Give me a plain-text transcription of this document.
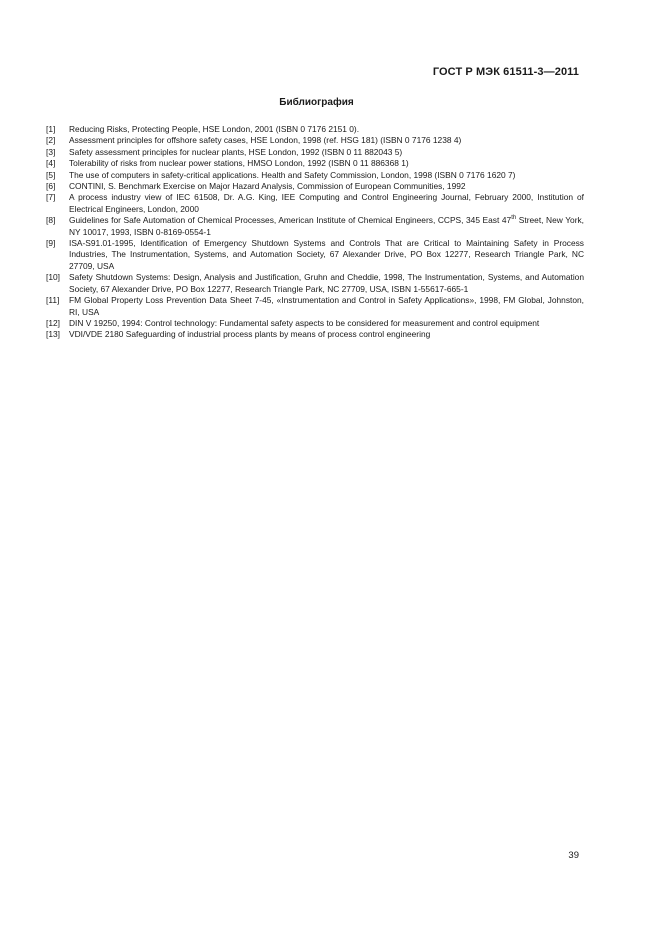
ГОСТ Р МЭК 61511-3—2011
Библиография
[1]	Reducing Risks, Protecting People, HSE London, 2001 (ISBN 0 7176 2151 0).
[2]	Assessment principles for offshore safety cases, HSE London, 1998 (ref. HSG 181) (ISBN 0 7176 1238 4)
[3]	Safety assessment principles for nuclear plants, HSE London, 1992 (ISBN 0 11 882043 5)
[4]	Tolerability of risks from nuclear power stations, HMSO London, 1992 (ISBN 0 11 886368 1)
[5]	The use of computers in safety-critical applications. Health and Safety Commission, London, 1998 (ISBN 0 7176 1620 7)
[6]	CONTINI, S. Benchmark Exercise on Major Hazard Analysis, Commission of European Communities, 1992
[7]	A process industry view of IEC 61508, Dr. A.G. King, IEE Computing and Control Engineering Journal, February 2000, Institution of Electrical Engineers, London, 2000
[8]	Guidelines for Safe Automation of Chemical Processes, American Institute of Chemical Engineers, CCPS, 345 East 47th Street, New York, NY 10017, 1993, ISBN 0-8169-0554-1
[9]	ISA-S91.01-1995, Identification of Emergency Shutdown Systems and Controls That are Critical to Maintaining Safety in Process Industries, The Instrumentation, Systems, and Automation Society, 67 Alexander Drive, PO Box 12277, Research Triangle Park, NC 27709, USA
[10]	Safety Shutdown Systems: Design, Analysis and Justification, Gruhn and Cheddie, 1998, The Instrumentation, Systems, and Automation Society, 67 Alexander Drive, PO Box 12277, Research Triangle Park, NC 27709, USA, ISBN 1-55617-665-1
[11]	FM Global Property Loss Prevention Data Sheet 7-45, «Instrumentation and Control in Safety Applications», 1998, FM Global, Johnston, RI, USA
[12]	DIN V 19250, 1994: Control technology: Fundamental safety aspects to be considered for measurement and control equipment
[13]	VDI/VDE 2180 Safeguarding of industrial process plants by means of process control engineering
39
